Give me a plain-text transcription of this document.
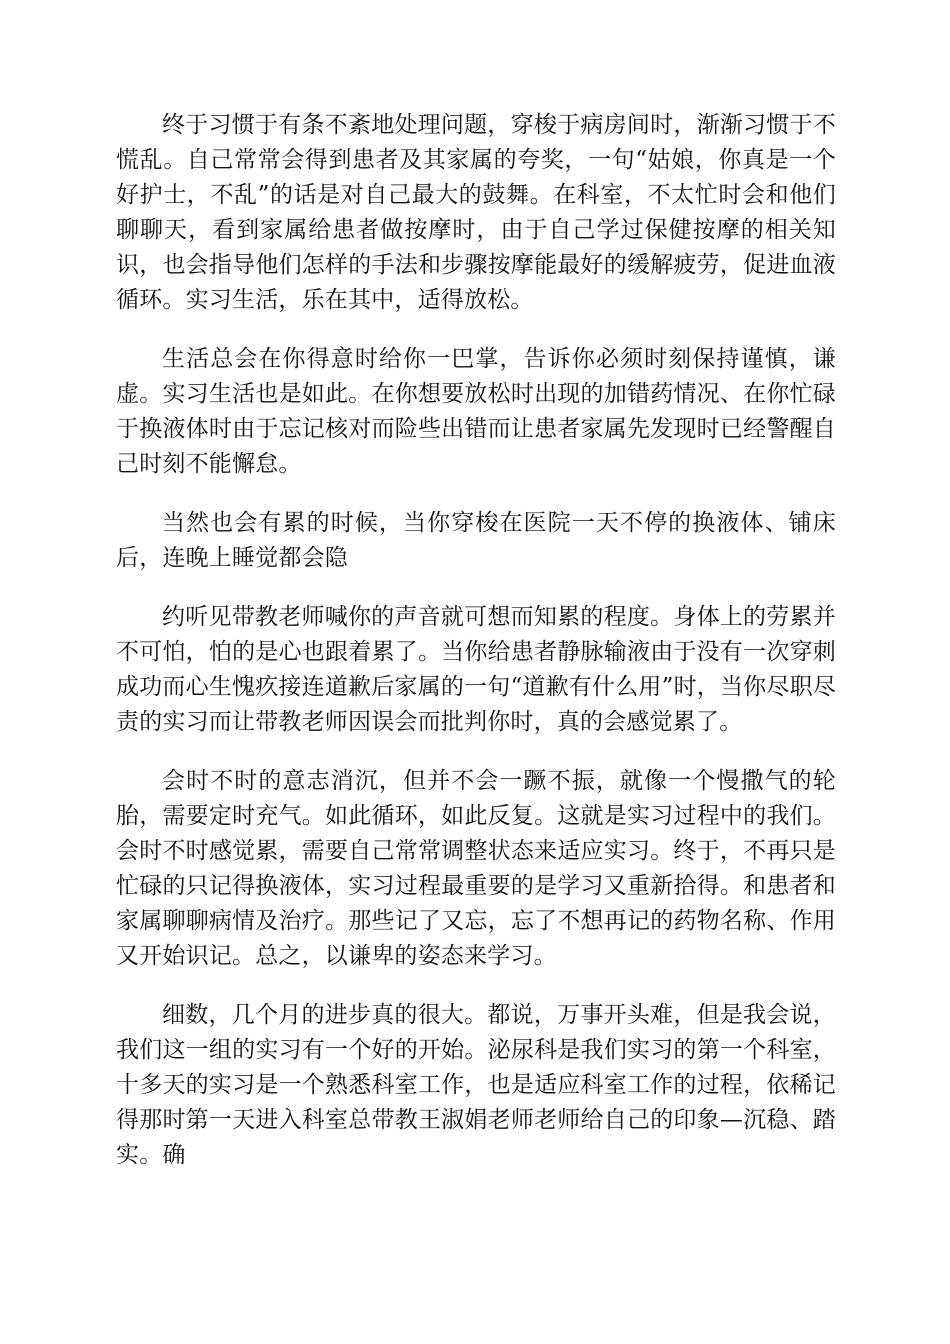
终于习惯于有条不紊地处理问题，穿梭于病房间时，渐渐习惯于不慌乱。自己常常会得到患者及其家属的夸奖，一句“姑娘，你真是一个好护士，不乱”的话是对自己最大的鼓舞。在科室，不太忙时会和他们聊聊天，看到家属给患者做按摩时，由于自己学过保健按摩的相关知识，也会指导他们怎样的手法和步骤按摩能最好的缓解疲劳，促进血液循环。实习生活，乐在其中，适得放松。

生活总会在你得意时给你一巴掌，告诉你必须时刻保持谨慎，谦虚。实习生活也是如此。在你想要放松时出现的加错药情况、在你忙碌于换液体时由于忘记核对而险些出错而让患者家属先发现时已经警醒自己时刻不能懈怠。

当然也会有累的时候，当你穿梭在医院一天不停的换液体、铺床后，连晚上睡觉都会隐

约听见带教老师喊你的声音就可想而知累的程度。身体上的劳累并不可怕，怕的是心也跟着累了。当你给患者静脉输液由于没有一次穿刺成功而心生愧疚接连道歉后家属的一句“道歉有什么用”时，当你尽职尽责的实习而让带教老师因误会而批判你时，真的会感觉累了。

会时不时的意志消沉，但并不会一蹶不振，就像一个慢撒气的轮胎，需要定时充气。如此循环，如此反复。这就是实习过程中的我们。会时不时感觉累，需要自己常常调整状态来适应实习。终于，不再只是忙碌的只记得换液体，实习过程最重要的是学习又重新拾得。和患者和家属聊聊病情及治疗。那些记了又忘，忘了不想再记的药物名称、作用又开始识记。总之，以谦卑的姿态来学习。

细数，几个月的进步真的很大。都说，万事开头难，但是我会说，我们这一组的实习有一个好的开始。泌尿科是我们实习的第一个科室，十多天的实习是一个熟悉科室工作，也是适应科室工作的过程，依稀记得那时第一天进入科室总带教王淑娟老师老师给自己的印象—沉稳、踏实。确
